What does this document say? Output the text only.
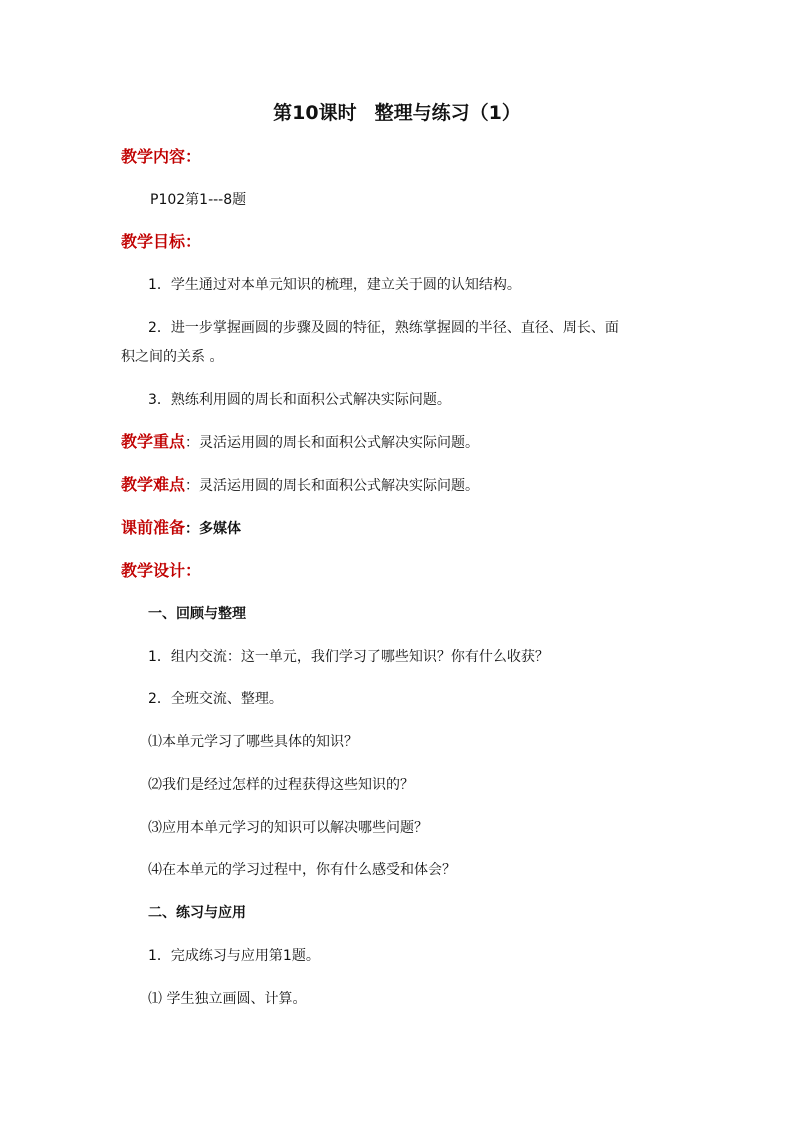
第10课时 整理与练习（1）
教学内容：
P102第1---8题
教学目标：
1．学生通过对本单元知识的梳理，建立关于圆的认知结构。
2．进一步掌握画圆的步骤及圆的特征，熟练掌握圆的半径、直径、周长、面
积之间的关系 。
3．熟练利用圆的周长和面积公式解决实际问题。
教学重点：灵活运用圆的周长和面积公式解决实际问题。
教学难点：灵活运用圆的周长和面积公式解决实际问题。
课前准备：多媒体
教学设计：
一、回顾与整理
1．组内交流：这一单元，我们学习了哪些知识？你有什么收获？
2．全班交流、整理。
⑴本单元学习了哪些具体的知识？
⑵我们是经过怎样的过程获得这些知识的？
⑶应用本单元学习的知识可以解决哪些问题？
⑷在本单元的学习过程中，你有什么感受和体会？
二、练习与应用
1．完成练习与应用第1题。
⑴ 学生独立画圆、计算。
